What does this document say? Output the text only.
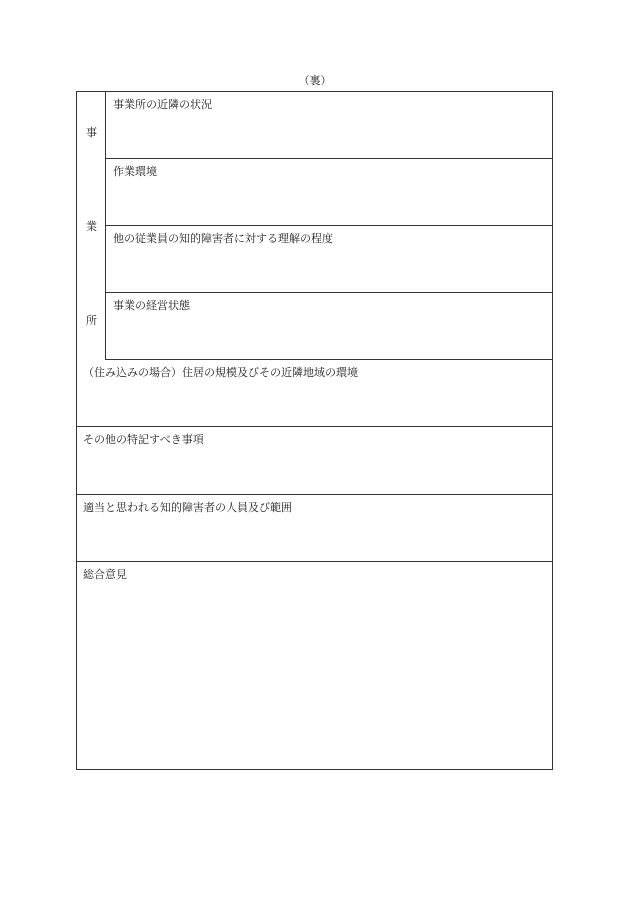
（裏）
事
業
所
事業所の近隣の状況
作業環境
他の従業員の知的障害者に対する理解の程度
事業の経営状態
（住み込みの場合）住居の規模及びその近隣地域の環境
その他の特記すべき事項
適当と思われる知的障害者の人員及び範囲
総合意見
